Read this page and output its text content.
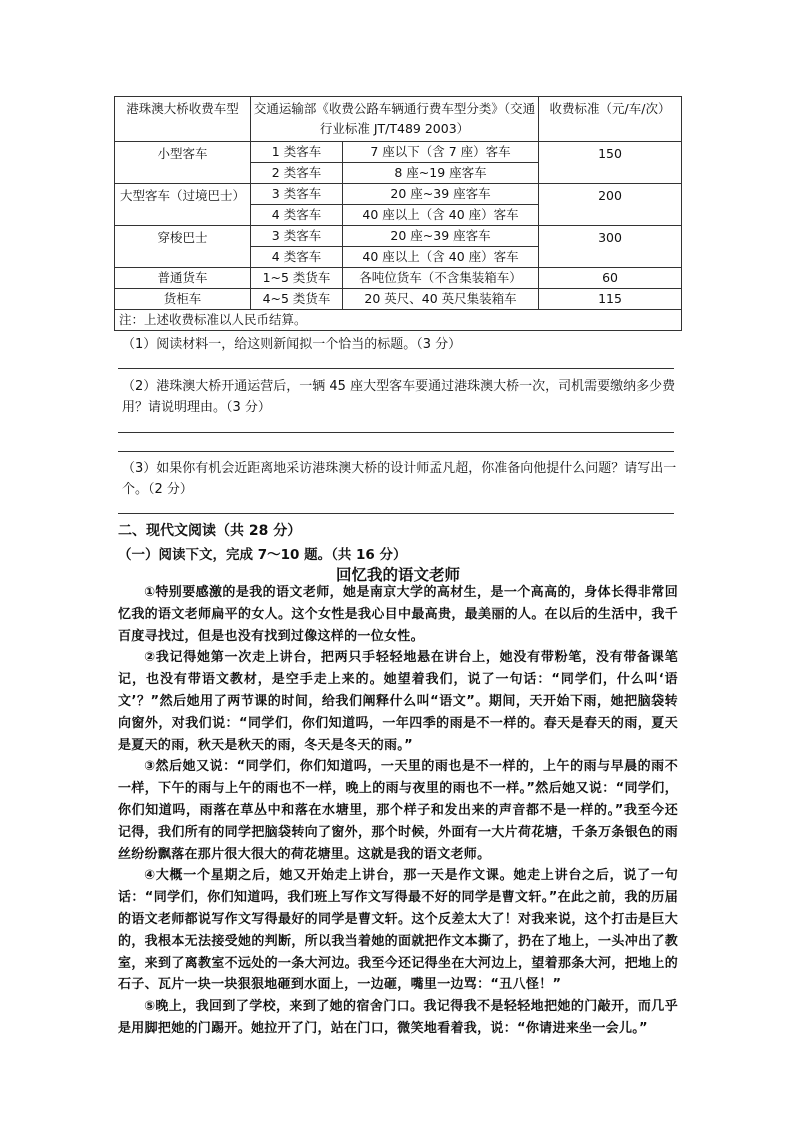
港珠澳大桥收费车型	交通运输部《收费公路车辆通行费车型分类》（交通行业标准 JT/T489 2003）		收费标准（元/车/次）
小型客车	1 类客车	7 座以下（含 7 座）客车	150
	2 类客车	8 座~19 座客车	
大型客车（过境巴士）	3 类客车	20 座~39 座客车	200
	4 类客车	40 座以上（含 40 座）客车	
穿梭巴士	3 类客车	20 座~39 座客车	300
	4 类客车	40 座以上（含 40 座）客车	
普通货车	1~5 类货车	各吨位货车（不含集装箱车）	60
货柜车	4~5 类货车	20 英尺、40 英尺集装箱车	115
注：上述收费标准以人民币结算。			
（1）阅读材料一，给这则新闻拟一个恰当的标题。（3 分）
（2）港珠澳大桥开通运营后，一辆 45 座大型客车要通过港珠澳大桥一次，司机需要缴纳多少费用？请说明理由。（3 分）
（3）如果你有机会近距离地采访港珠澳大桥的设计师孟凡超，你准备向他提什么问题？请写出一个。（2 分）
二、现代文阅读（共 28 分）
（一）阅读下文，完成 7～10 题。（共 16 分）
回忆我的语文老师

①特别要感激的是我的语文老师，她是南京大学的高材生，是一个高高的，身体长得非常回忆我的语文老师扁平的女人。这个女性是我心目中最高贵，最美丽的人。在以后的生活中，我千百度寻找过，但是也没有找到过像这样的一位女性。

②我记得她第一次走上讲台，把两只手轻轻地悬在讲台上，她没有带粉笔，没有带备课笔记，也没有带语文教材，是空手走上来的。她望着我们，说了一句话：“同学们，什么叫‘语文’？”然后她用了两节课的时间，给我们阐释什么叫“语文”。期间，天开始下雨，她把脑袋转向窗外，对我们说：“同学们，你们知道吗，一年四季的雨是不一样的。春天是春天的雨，夏天是夏天的雨，秋天是秋天的雨，冬天是冬天的雨。”

③然后她又说：“同学们，你们知道吗，一天里的雨也是不一样的，上午的雨与早晨的雨不一样，下午的雨与上午的雨也不一样，晚上的雨与夜里的雨也不一样。”然后她又说：“同学们，你们知道吗，雨落在草丛中和落在水塘里，那个样子和发出来的声音都不是一样的。”我至今还记得，我们所有的同学把脑袋转向了窗外，那个时候，外面有一大片荷花塘，千条万条银色的雨丝纷纷飘落在那片很大很大的荷花塘里。这就是我的语文老师。

④大概一个星期之后，她又开始走上讲台，那一天是作文课。她走上讲台之后，说了一句话：“同学们，你们知道吗，我们班上写作文写得最不好的同学是曹文轩。”在此之前，我的历届的语文老师都说写作文写得最好的同学是曹文轩。这个反差太大了！对我来说，这个打击是巨大的，我根本无法接受她的判断，所以我当着她的面就把作文本撕了，扔在了地上，一头冲出了教室，来到了离教室不远处的一条大河边。我至今还记得坐在大河边上，望着那条大河，把地上的石子、瓦片一块一块狠狠地砸到水面上，一边砸，嘴里一边骂：“丑八怪！”

⑤晚上，我回到了学校，来到了她的宿舍门口。我记得我不是轻轻地把她的门敲开，而几乎是用脚把她的门踢开。她拉开了门，站在门口，微笑地看着我，说：“你请进来坐一会儿。”
